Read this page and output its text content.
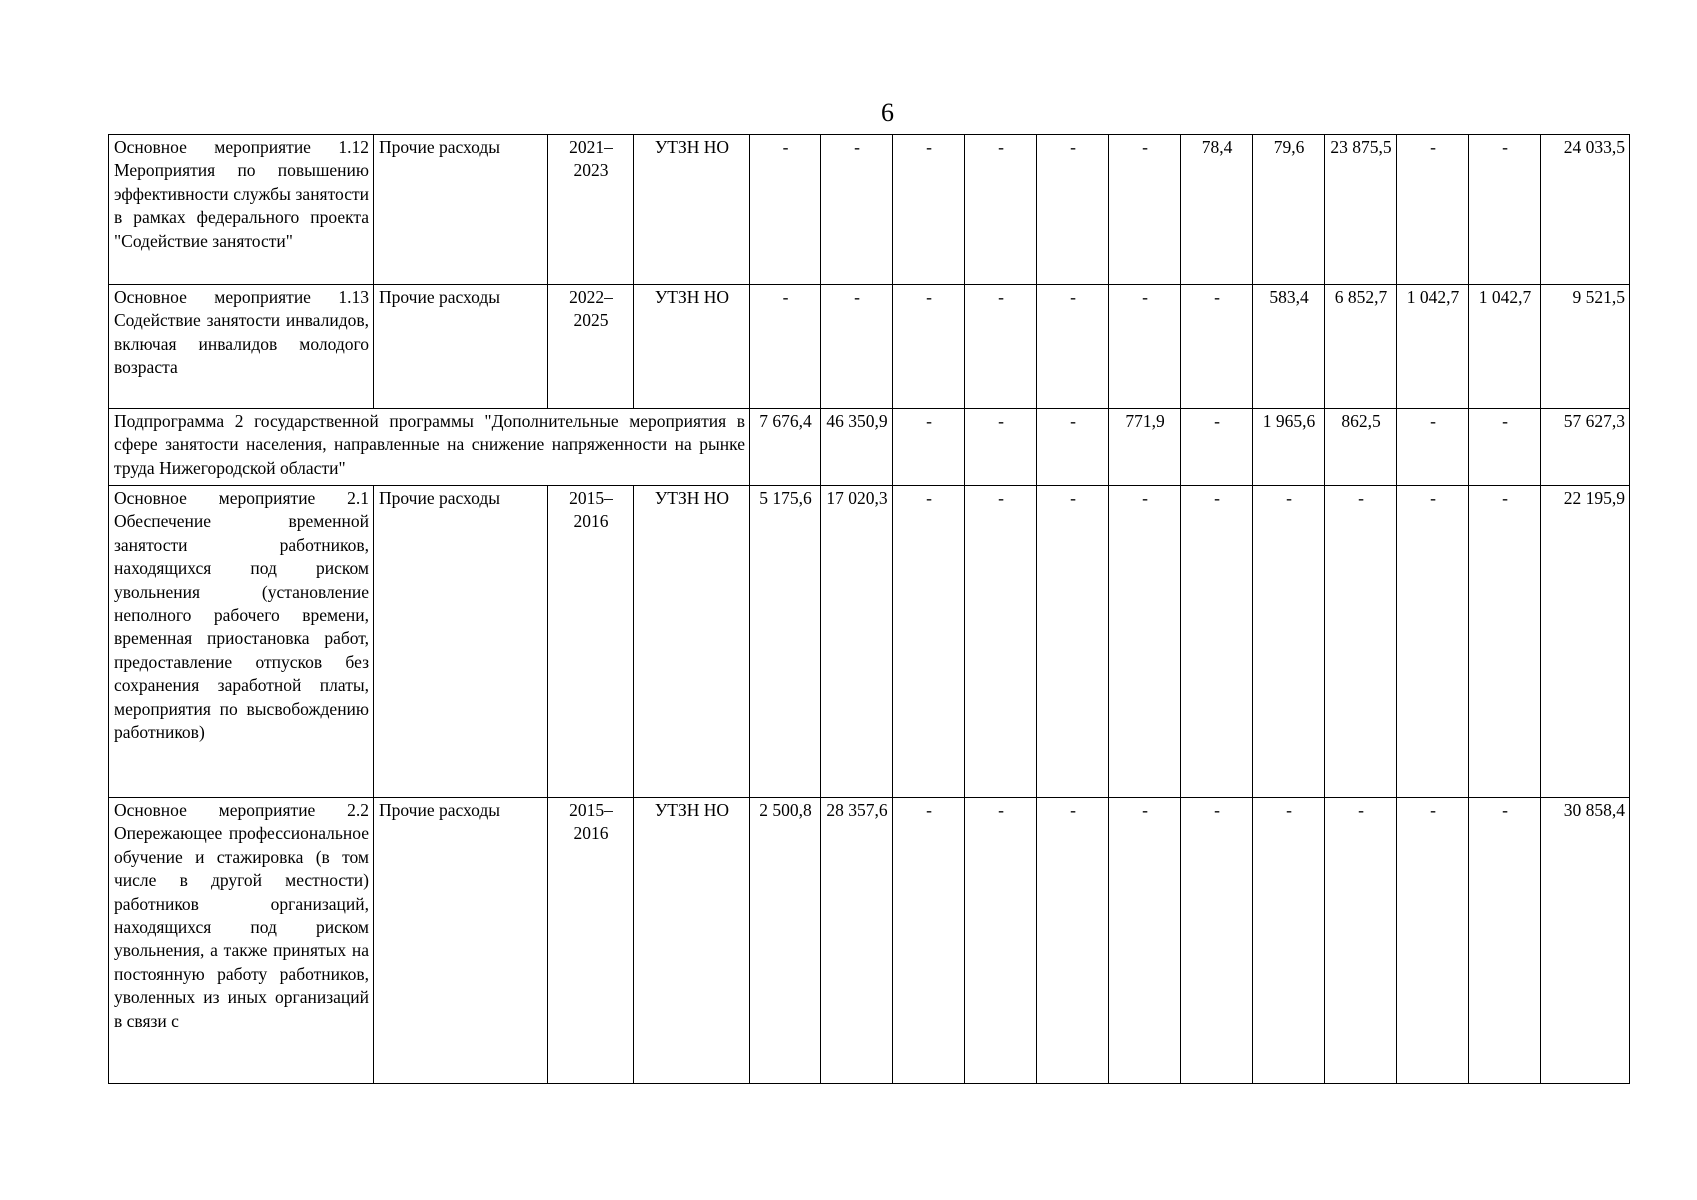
6
Основное мероприятие 1.12 Мероприятия по повышению эффективности службы занятости в рамках федерального проекта "Содействие занятости"	Прочие расходы	2021–2023	УТЗН НО	-	-	-	-	-	-	78,4	79,6	23 875,5	-	-	24 033,5
Основное мероприятие 1.13 Содействие занятости инвалидов, включая инвалидов молодого возраста	Прочие расходы	2022–2025	УТЗН НО	-	-	-	-	-	-	-	583,4	6 852,7	1 042,7	1 042,7	9 521,5
Подпрограмма 2 государственной программы "Дополнительные мероприятия в сфере занятости населения, направленные на снижение напряженности на рынке труда Нижегородской области"				7 676,4	46 350,9	-	-	-	771,9	-	1 965,6	862,5	-	-	57 627,3
Основное мероприятие 2.1 Обеспечение временной занятости работников, находящихся под риском увольнения (установление неполного рабочего времени, временная приостановка работ, предоставление отпусков без сохранения заработной платы, мероприятия по высвобождению работников)	Прочие расходы	2015–2016	УТЗН НО	5 175,6	17 020,3	-	-	-	-	-	-	-	-	-	22 195,9
Основное мероприятие 2.2 Опережающее профессиональное обучение и стажировка (в том числе в другой местности) работников организаций, находящихся под риском увольнения, а также принятых на постоянную работу работников, уволенных из иных организаций в связи с	Прочие расходы	2015–2016	УТЗН НО	2 500,8	28 357,6	-	-	-	-	-	-	-	-	-	30 858,4
